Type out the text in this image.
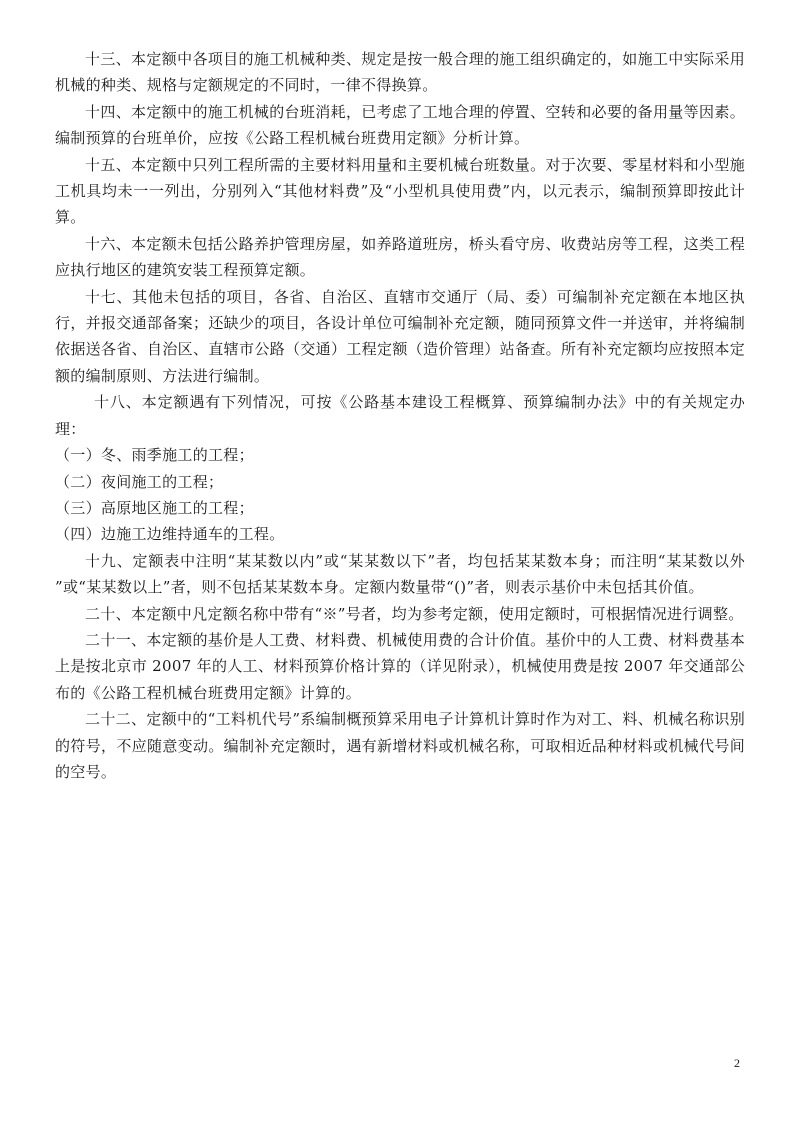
十三、本定额中各项目的施工机械种类、规定是按一般合理的施工组织确定的，如施工中实际采用机械的种类、规格与定额规定的不同时，一律不得换算。

十四、本定额中的施工机械的台班消耗，已考虑了工地合理的停置、空转和必要的备用量等因素。编制预算的台班单价，应按《公路工程机械台班费用定额》分析计算。

十五、本定额中只列工程所需的主要材料用量和主要机械台班数量。对于次要、零星材料和小型施工机具均未一一列出，分别列入“其他材料费”及“小型机具使用费”内，以元表示，编制预算即按此计算。

十六、本定额未包括公路养护管理房屋，如养路道班房，桥头看守房、收费站房等工程，这类工程应执行地区的建筑安装工程预算定额。

十七、其他未包括的项目，各省、自治区、直辖市交通厅（局、委）可编制补充定额在本地区执行，并报交通部备案；还缺少的项目，各设计单位可编制补充定额，随同预算文件一并送审，并将编制依据送各省、自治区、直辖市公路（交通）工程定额（造价管理）站备查。所有补充定额均应按照本定额的编制原则、方法进行编制。

十八、本定额遇有下列情况，可按《公路基本建设工程概算、预算编制办法》中的有关规定办理：

（一）冬、雨季施工的工程；

（二）夜间施工的工程；

（三）高原地区施工的工程；

（四）边施工边维持通车的工程。

十九、定额表中注明“某某数以内”或“某某数以下”者，均包括某某数本身；而注明“某某数以外 ”或“某某数以上”者，则不包括某某数本身。定额内数量带“()”者，则表示基价中未包括其价值。

二十、本定额中凡定额名称中带有“※”号者，均为参考定额，使用定额时，可根据情况进行调整。

二十一、本定额的基价是人工费、材料费、机械使用费的合计价值。基价中的人工费、材料费基本上是按北京市 2007 年的人工、材料预算价格计算的（详见附录），机械使用费是按 2007 年交通部公布的《公路工程机械台班费用定额》计算的。

二十二、定额中的“工料机代号”系编制概预算采用电子计算机计算时作为对工、料、机械名称识别的符号，不应随意变动。编制补充定额时，遇有新增材料或机械名称，可取相近品种材料或机械代号间的空号。

2
